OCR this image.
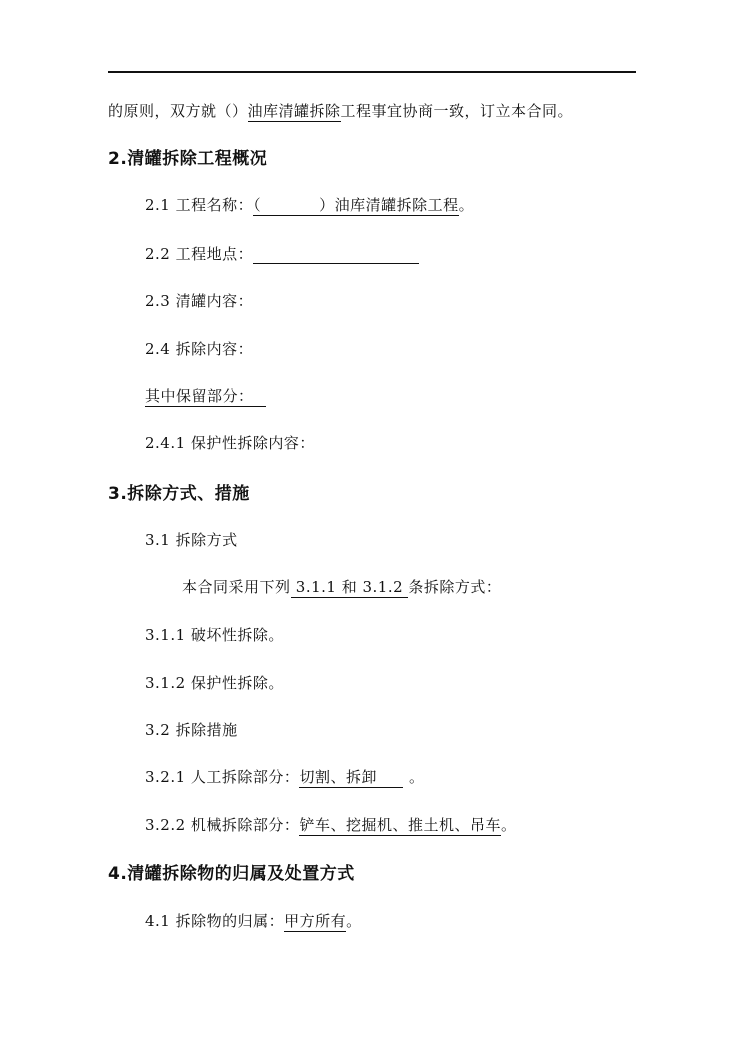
的原则，双方就（）油库清罐拆除工程事宜协商一致，订立本合同。
2.清罐拆除工程概况
2.1 工程名称：（	）油库清罐拆除工程。
2.2 工程地点：
2.3 清罐内容：
2.4 拆除内容：
其中保留部分：
2.4.1 保护性拆除内容：
3.拆除方式、措施
3.1 拆除方式
本合同采用下列 3.1.1 和 3.1.2 条拆除方式：
3.1.1 破坏性拆除。
3.1.2 保护性拆除。
3.2 拆除措施
3.2.1 人工拆除部分：切割、拆卸 。
3.2.2 机械拆除部分：铲车、挖掘机、推土机、吊车。
4.清罐拆除物的归属及处置方式
4.1 拆除物的归属：甲方所有。
